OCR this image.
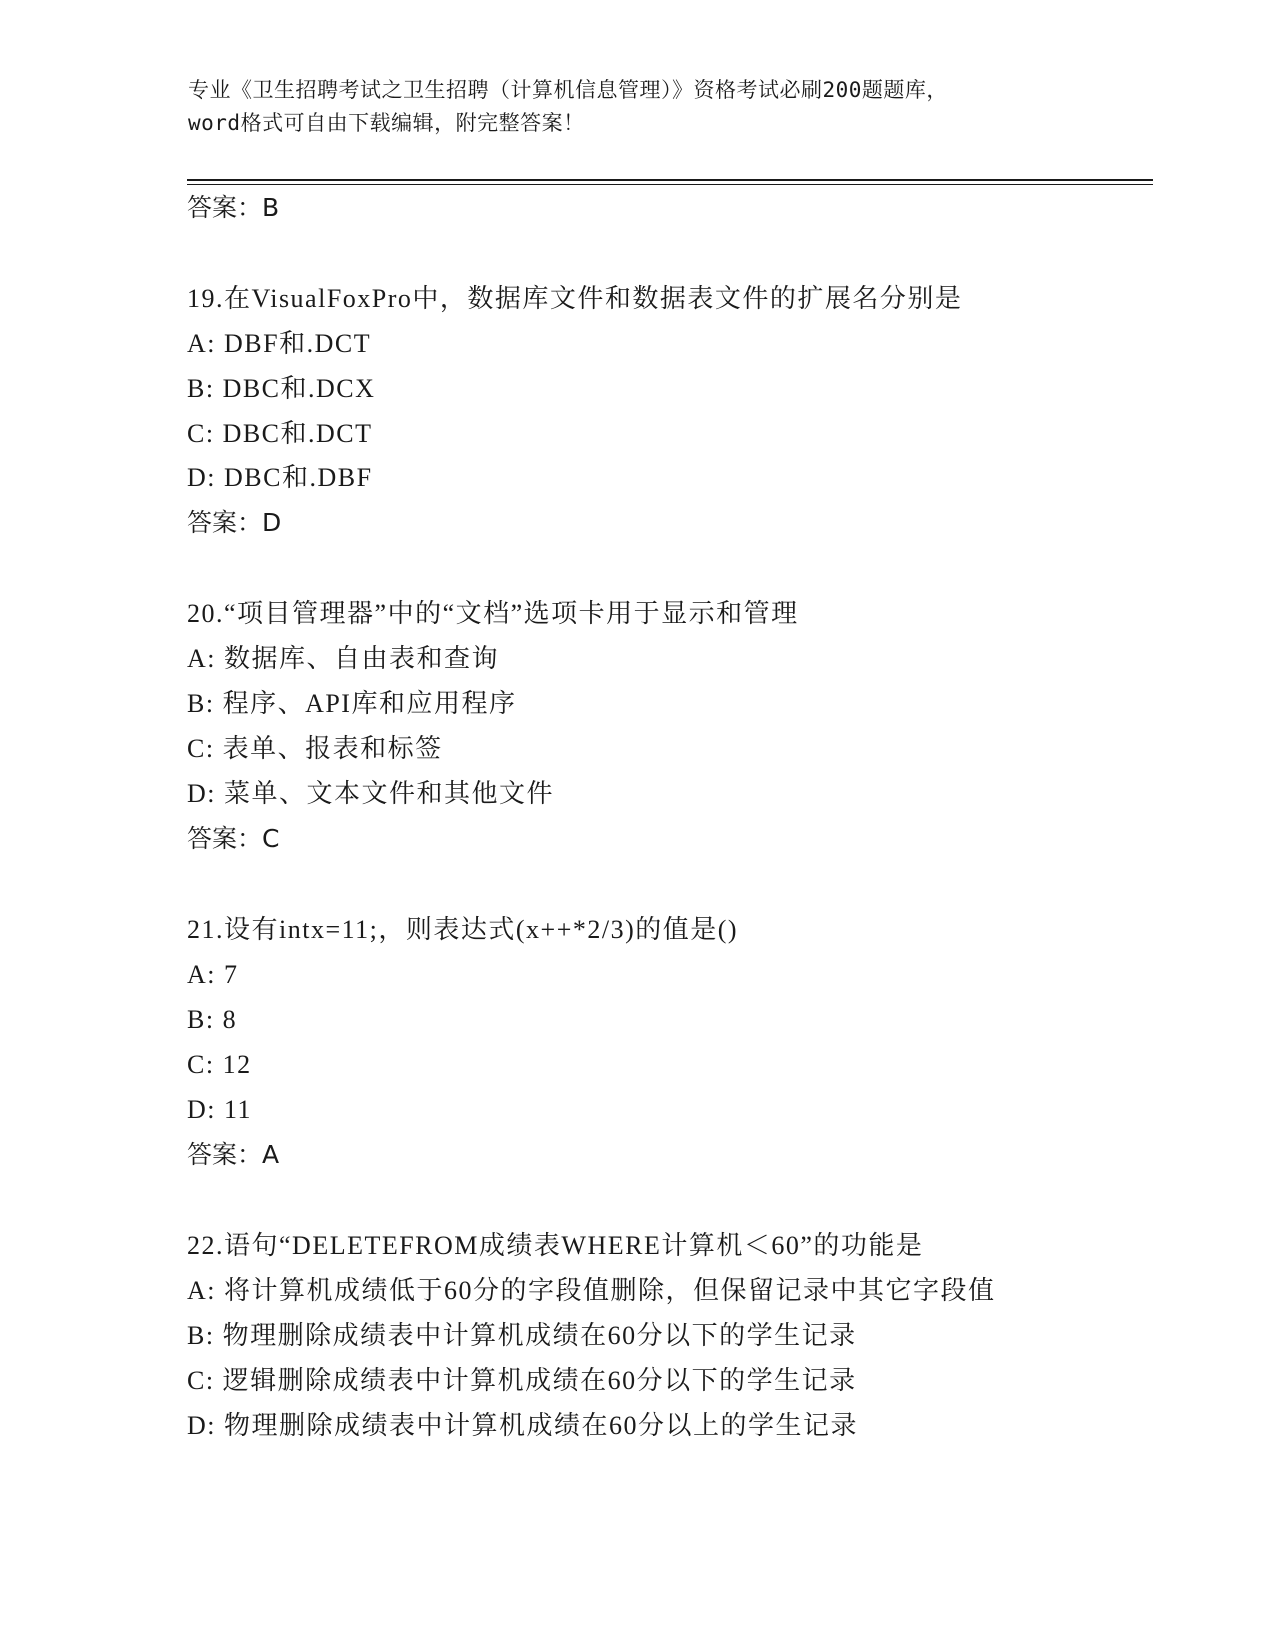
专业《卫生招聘考试之卫生招聘（计算机信息管理）》资格考试必刷200题题库，
word格式可自由下载编辑，附完整答案！
答案：B
19.在VisualFoxPro中，数据库文件和数据表文件的扩展名分别是
A: DBF和.DCT
B: DBC和.DCX
C: DBC和.DCT
D: DBC和.DBF
答案：D
20.“项目管理器”中的“文档”选项卡用于显示和管理
A: 数据库、自由表和查询
B: 程序、API库和应用程序
C: 表单、报表和标签
D: 菜单、文本文件和其他文件
答案：C
21.设有intx=11;，则表达式(x++*2/3)的值是()
A: 7
B: 8
C: 12
D: 11
答案：A
22.语句“DELETEFROM成绩表WHERE计算机＜60”的功能是
A: 将计算机成绩低于60分的字段值删除，但保留记录中其它字段值
B: 物理删除成绩表中计算机成绩在60分以下的学生记录
C: 逻辑删除成绩表中计算机成绩在60分以下的学生记录
D: 物理删除成绩表中计算机成绩在60分以上的学生记录
